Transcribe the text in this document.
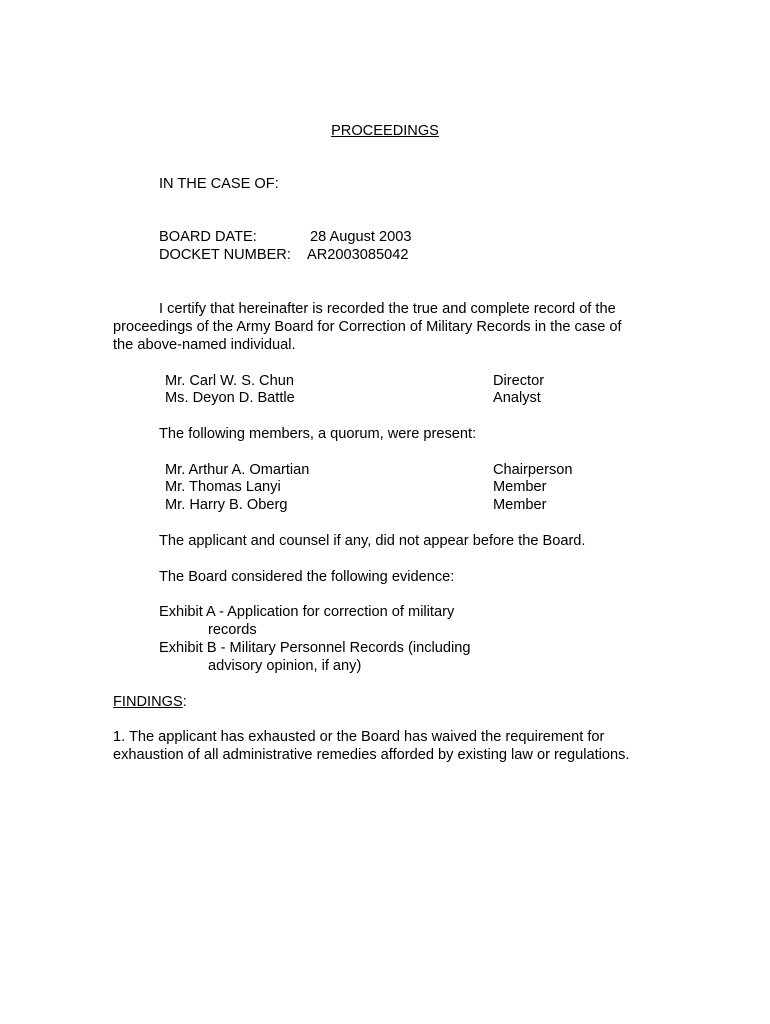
PROCEEDINGS
IN THE CASE OF:
BOARD DATE:	28 August 2003
DOCKET NUMBER: AR2003085042
I certify that hereinafter is recorded the true and complete record of the
proceedings of the Army Board for Correction of Military Records in the case of
the above-named individual.
Mr. Carl W. S. Chun	Director
Ms. Deyon D. Battle	Analyst
The following members, a quorum, were present:
Mr. Arthur A. Omartian	Chairperson
Mr. Thomas Lanyi	Member
Mr. Harry B. Oberg	Member
The applicant and counsel if any, did not appear before the Board.
The Board considered the following evidence:
Exhibit A - Application for correction of military
records
Exhibit B - Military Personnel Records (including
advisory opinion, if any)
FINDINGS:
1. The applicant has exhausted or the Board has waived the requirement for
exhaustion of all administrative remedies afforded by existing law or regulations.
